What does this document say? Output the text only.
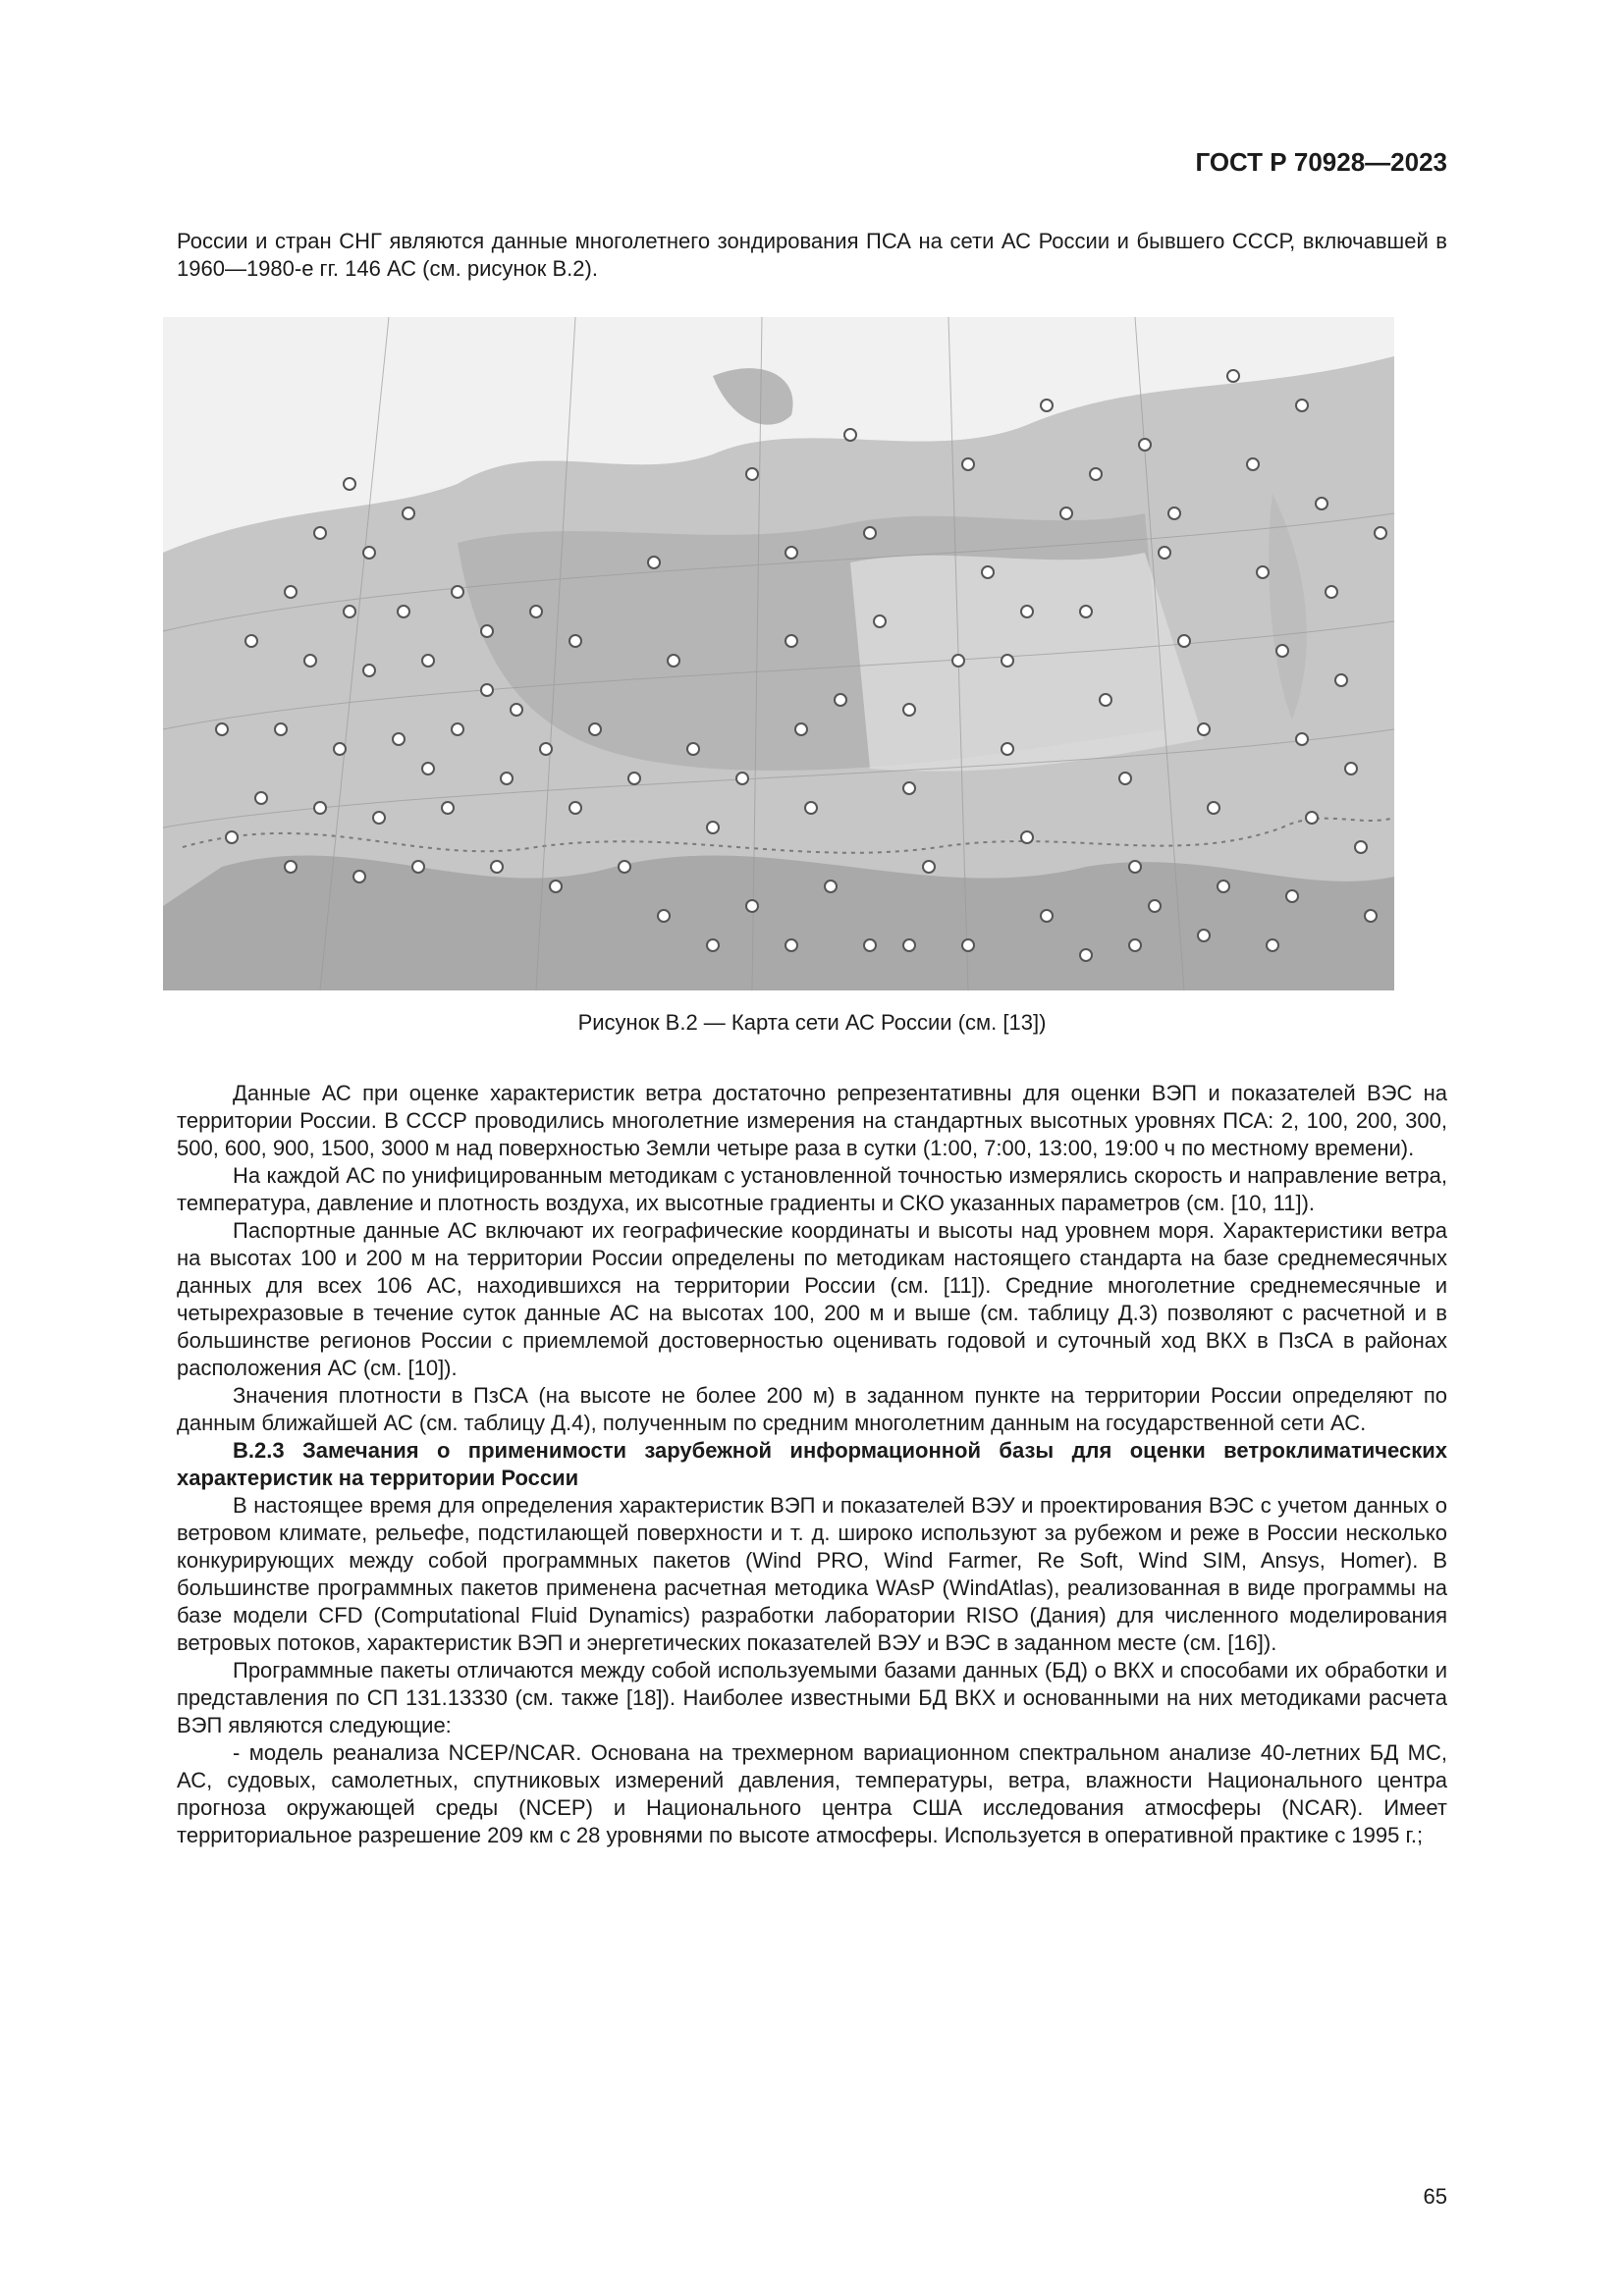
ГОСТ Р 70928—2023
России и стран СНГ являются данные многолетнего зондирования ПСА на сети АС России и бывшего СССР, включавшей в 1960—1980-е гг. 146 АС (см. рисунок В.2).
Рисунок В.2 — Карта сети АС России (см. [13])

Данные АС при оценке характеристик ветра достаточно репрезентативны для оценки ВЭП и показателей ВЭС на территории России. В СССР проводились многолетние измерения на стандартных высотных уровнях ПСА: 2, 100, 200, 300, 500, 600, 900, 1500, 3000 м над поверхностью Земли четыре раза в сутки (1:00, 7:00, 13:00, 19:00 ч по местному времени).

На каждой АС по унифицированным методикам с установленной точностью измерялись скорость и направление ветра, температура, давление и плотность воздуха, их высотные градиенты и СКО указанных параметров (см. [10, 11]).

Паспортные данные АС включают их географические координаты и высоты над уровнем моря. Характеристики ветра на высотах 100 и 200 м на территории России определены по методикам настоящего стандарта на базе среднемесячных данных для всех 106 АС, находившихся на территории России (см. [11]). Средние многолетние среднемесячные и четырехразовые в течение суток данные АС на высотах 100, 200 м и выше (см. таблицу Д.3) позволяют с расчетной и в большинстве регионов России с приемлемой достоверностью оценивать годовой и суточный ход ВКХ в ПзСА в районах расположения АС (см. [10]).

Значения плотности в ПзСА (на высоте не более 200 м) в заданном пункте на территории России определяют по данным ближайшей АС (см. таблицу Д.4), полученным по средним многолетним данным на государственной сети АС.

В.2.3 Замечания о применимости зарубежной информационной базы для оценки ветроклиматических характеристик на территории России

В настоящее время для определения характеристик ВЭП и показателей ВЭУ и проектирования ВЭС с учетом данных о ветровом климате, рельефе, подстилающей поверхности и т. д. широко используют за рубежом и реже в России несколько конкурирующих между собой программных пакетов (Wind PRO, Wind Farmer, Re Soft, Wind SIM, Ansys, Homer). В большинстве программных пакетов применена расчетная методика WAsP (WindAtlas), реализованная в виде программы на базе модели CFD (Computational Fluid Dynamics) разработки лаборатории RISO (Дания) для численного моделирования ветровых потоков, характеристик ВЭП и энергетических показателей ВЭУ и ВЭС в заданном месте (см. [16]).

Программные пакеты отличаются между собой используемыми базами данных (БД) о ВКХ и способами их обработки и представления по СП 131.13330 (см. также [18]). Наиболее известными БД ВКХ и основанными на них методиками расчета ВЭП являются следующие:

- модель реанализа NCEP/NCAR. Основана на трехмерном вариационном спектральном анализе 40-летних БД МС, АС, судовых, самолетных, спутниковых измерений давления, температуры, ветра, влажности Национального центра прогноза окружающей среды (NCEP) и Национального центра США исследования атмосферы (NCAR). Имеет территориальное разрешение 209 км с 28 уровнями по высоте атмосферы. Используется в оперативной практике с 1995 г.;

65
